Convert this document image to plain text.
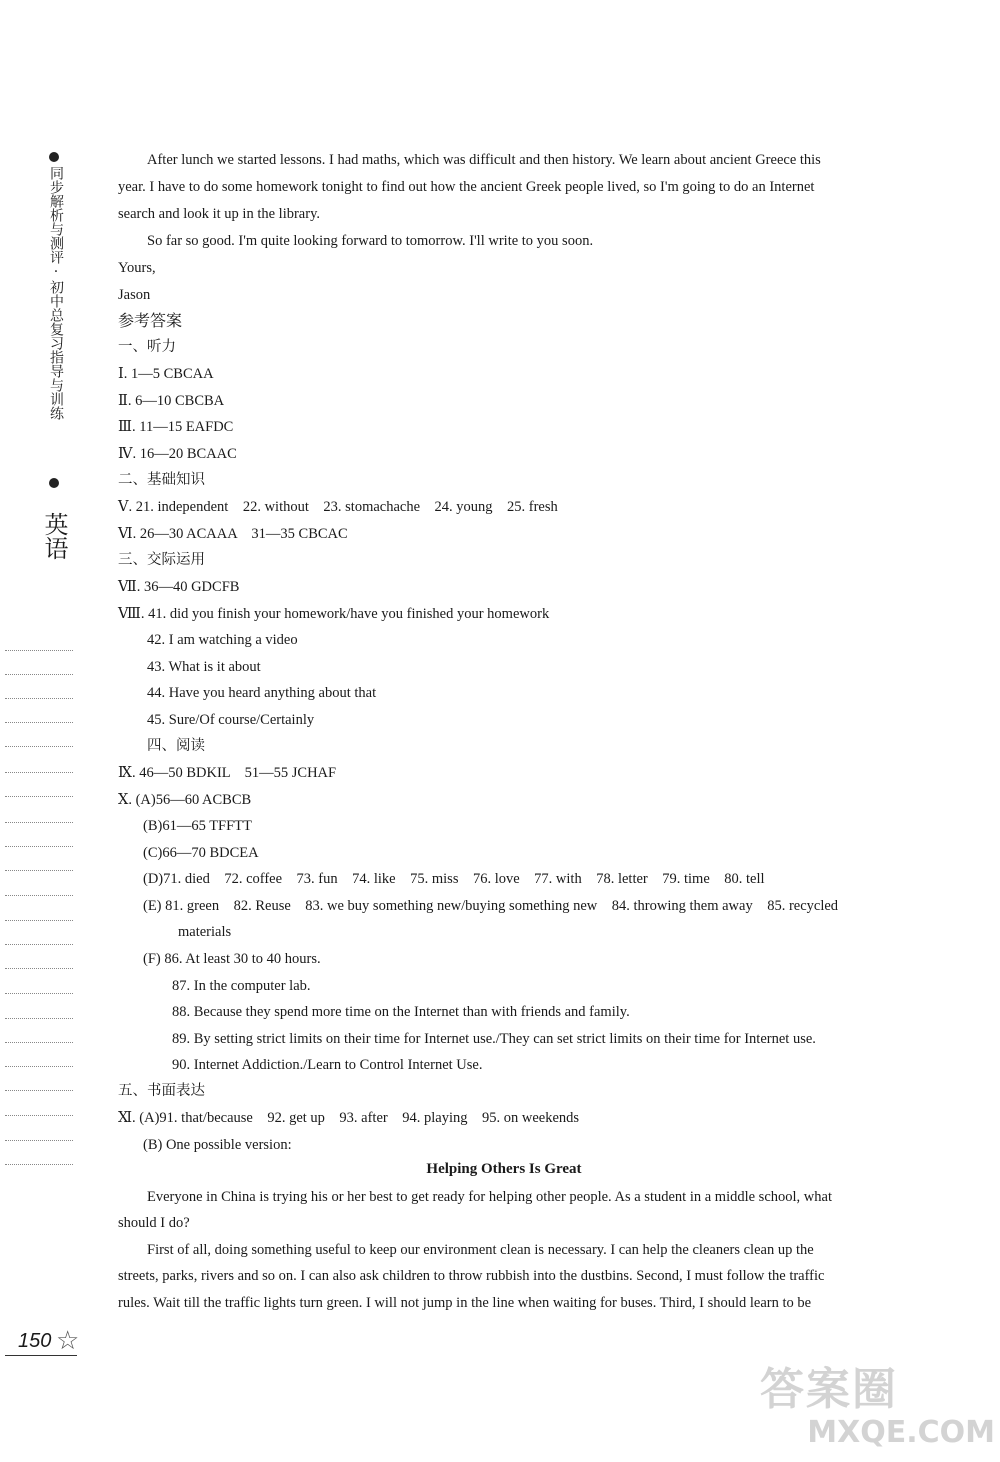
同步解析与测评·初中总复习指导与训练
英语
After lunch we started lessons. I had maths, which was difficult and then history. We learn about ancient Greece this
year. I have to do some homework tonight to find out how the ancient Greek people lived, so I'm going to do an Internet
search and look it up in the library.
So far so good. I'm quite looking forward to tomorrow. I'll write to you soon.
Yours,
Jason
参考答案
一、听力
Ⅰ. 1—5 CBCAA
Ⅱ. 6—10 CBCBA
Ⅲ. 11—15 EAFDC
Ⅳ. 16—20 BCAAC
二、基础知识
Ⅴ. 21. independent    22. without    23. stomachache    24. young    25. fresh
Ⅵ. 26—30 ACAAA    31—35 CBCAC
三、交际运用
Ⅶ. 36—40 GDCFB
Ⅷ. 41. did you finish your homework/have you finished your homework
42. I am watching a video
43. What is it about
44. Have you heard anything about that
45. Sure/Of course/Certainly
四、阅读
Ⅸ. 46—50 BDKIL    51—55 JCHAF
Ⅹ. (A)56—60 ACBCB
(B)61—65 TFFTT
(C)66—70 BDCEA
(D)71. died    72. coffee    73. fun    74. like    75. miss    76. love    77. with    78. letter    79. time    80. tell
(E) 81. green    82. Reuse    83. we buy something new/buying something new    84. throwing them away    85. recycled
materials
(F) 86. At least 30 to 40 hours.
87. In the computer lab.
88. Because they spend more time on the Internet than with friends and family.
89. By setting strict limits on their time for Internet use./They can set strict limits on their time for Internet use.
90. Internet Addiction./Learn to Control Internet Use.
五、书面表达
Ⅺ. (A)91. that/because    92. get up    93. after    94. playing    95. on weekends
(B) One possible version:
Helping Others Is Great
Everyone in China is trying his or her best to get ready for helping other people. As a student in a middle school, what
should I do?
First of all, doing something useful to keep our environment clean is necessary. I can help the cleaners clean up the
streets, parks, rivers and so on. I can also ask children to throw rubbish into the dustbins. Second, I must follow the traffic
rules. Wait till the traffic lights turn green. I will not jump in the line when waiting for buses. Third, I should learn to be
150 ☆
答案圈
MXQE.COM
